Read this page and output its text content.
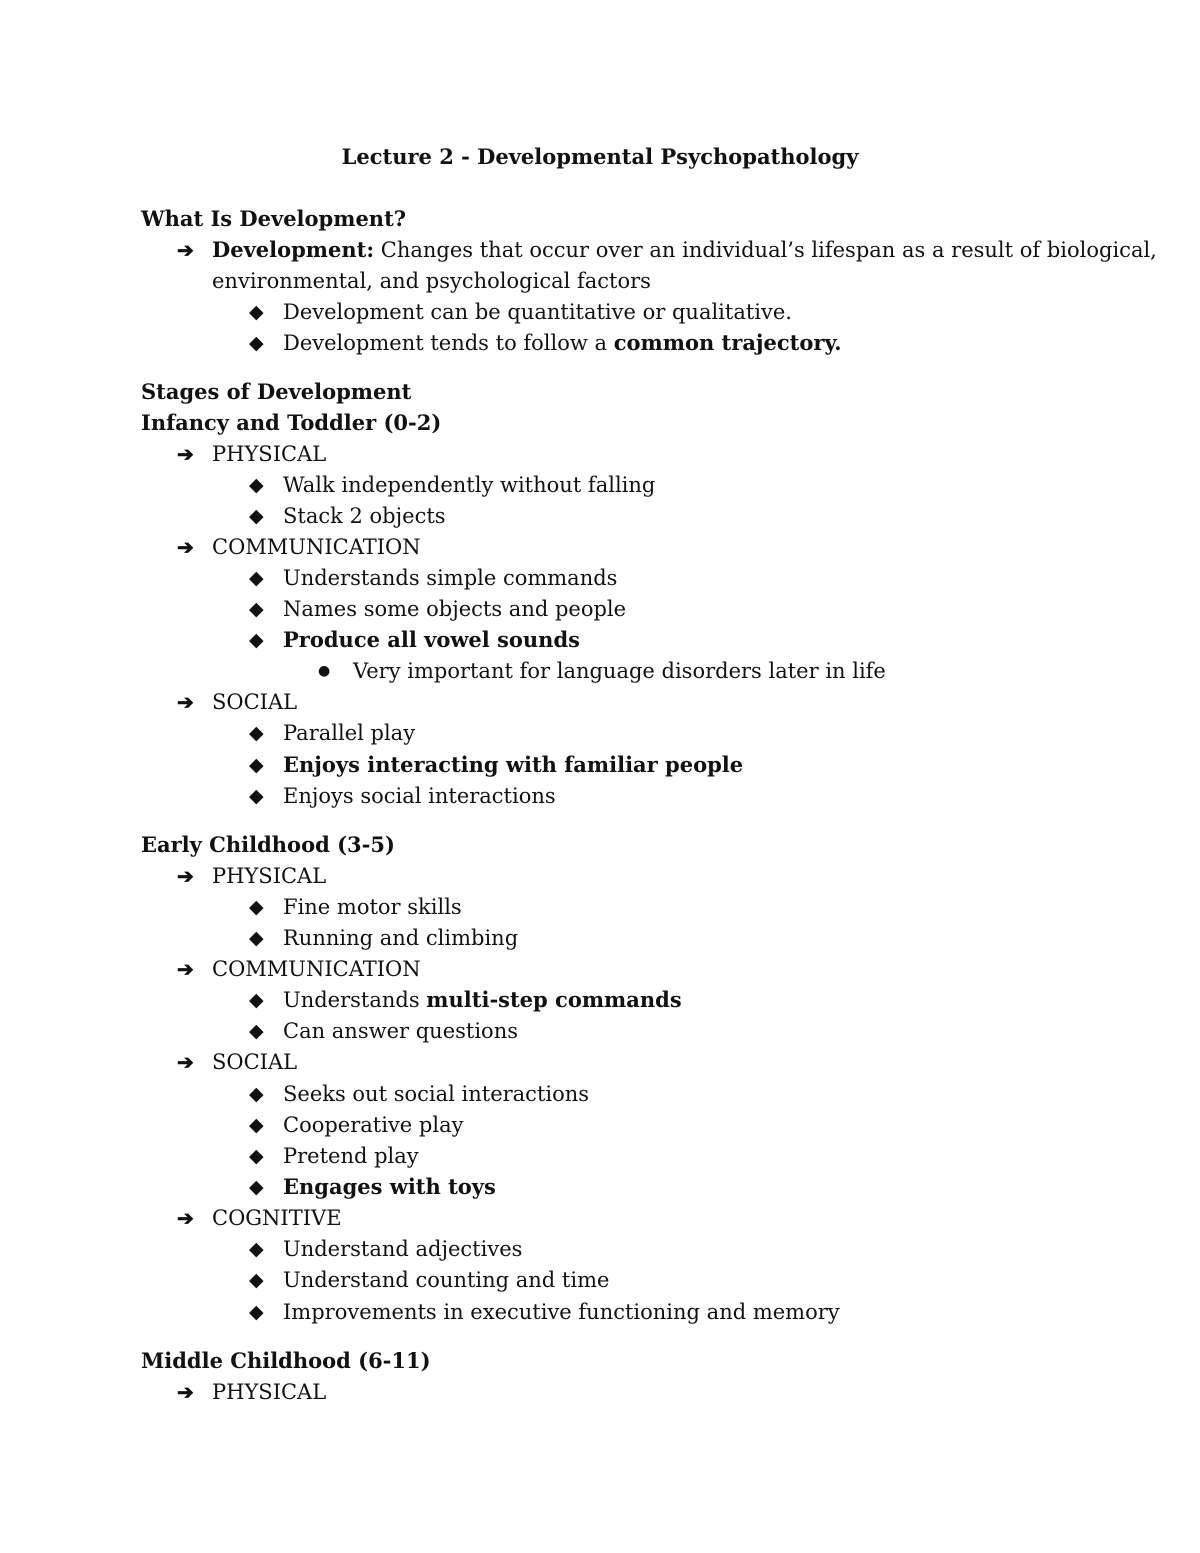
Lecture 2 - Developmental Psychopathology
What Is Development?
➔ Development: Changes that occur over an individual’s lifespan as a result of biological,
environmental, and psychological factors
◆ Development can be quantitative or qualitative.
◆ Development tends to follow a common trajectory.
Stages of Development
Infancy and Toddler (0-2)
➔ PHYSICAL
◆ Walk independently without falling
◆ Stack 2 objects
➔ COMMUNICATION
◆ Understands simple commands
◆ Names some objects and people
◆ Produce all vowel sounds
● Very important for language disorders later in life
➔ SOCIAL
◆ Parallel play
◆ Enjoys interacting with familiar people
◆ Enjoys social interactions
Early Childhood (3-5)
➔ PHYSICAL
◆ Fine motor skills
◆ Running and climbing
➔ COMMUNICATION
◆ Understands multi-step commands
◆ Can answer questions
➔ SOCIAL
◆ Seeks out social interactions
◆ Cooperative play
◆ Pretend play
◆ Engages with toys
➔ COGNITIVE
◆ Understand adjectives
◆ Understand counting and time
◆ Improvements in executive functioning and memory
Middle Childhood (6-11)
➔ PHYSICAL
